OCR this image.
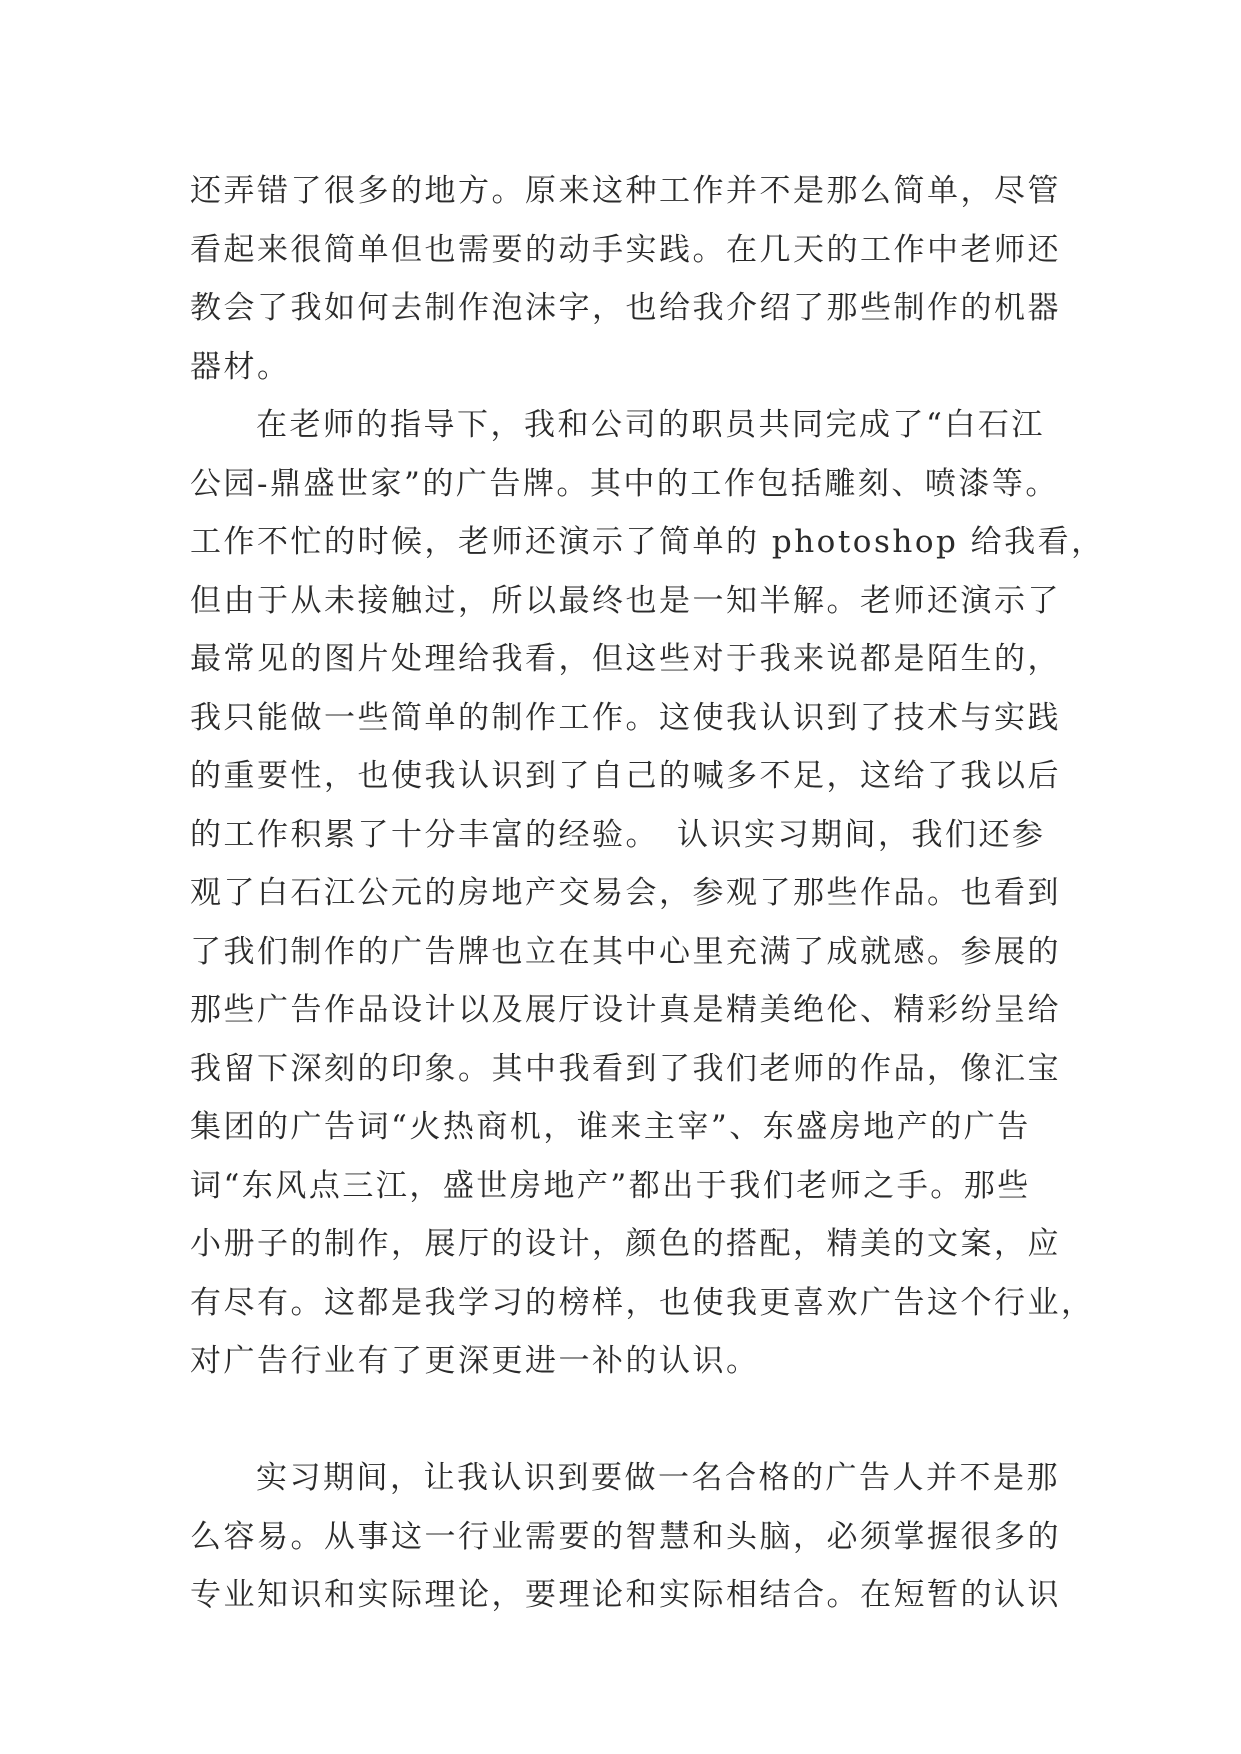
还弄错了很多的地方。原来这种工作并不是那么简单，尽管
看起来很简单但也需要的动手实践。在几天的工作中老师还
教会了我如何去制作泡沫字，也给我介绍了那些制作的机器
器材。
在老师的指导下，我和公司的职员共同完成了“白石江
公园-鼎盛世家”的广告牌。其中的工作包括雕刻、喷漆等。
工作不忙的时候，老师还演示了简单的 photoshop 给我看，
但由于从未接触过，所以最终也是一知半解。老师还演示了
最常见的图片处理给我看，但这些对于我来说都是陌生的，
我只能做一些简单的制作工作。这使我认识到了技术与实践
的重要性，也使我认识到了自己的喊多不足，这给了我以后
的工作积累了十分丰富的经验。　认识实习期间，我们还参
观了白石江公元的房地产交易会，参观了那些作品。也看到
了我们制作的广告牌也立在其中心里充满了成就感。参展的
那些广告作品设计以及展厅设计真是精美绝伦、精彩纷呈给
我留下深刻的印象。其中我看到了我们老师的作品，像汇宝
集团的广告词“火热商机，谁来主宰”、东盛房地产的广告
词“东风点三江，盛世房地产”都出于我们老师之手。那些
小册子的制作，展厅的设计，颜色的搭配，精美的文案，应
有尽有。这都是我学习的榜样，也使我更喜欢广告这个行业，
对广告行业有了更深更进一补的认识。
实习期间，让我认识到要做一名合格的广告人并不是那
么容易。从事这一行业需要的智慧和头脑，必须掌握很多的
专业知识和实际理论，要理论和实际相结合。在短暂的认识
